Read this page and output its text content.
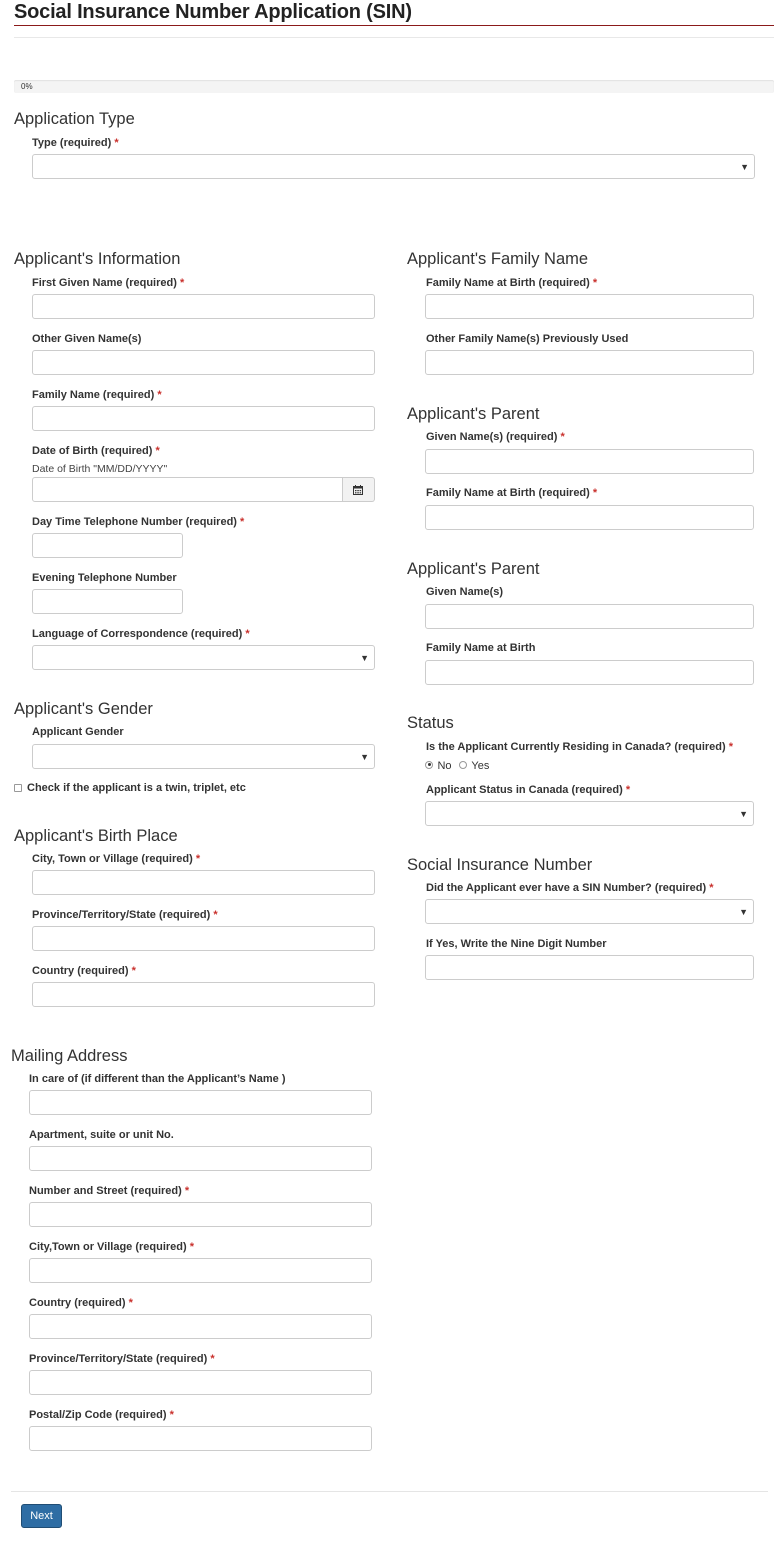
Social Insurance Number Application (SIN)
0%
Application Type
Type (required) *
▼
Applicant's Information
First Given Name (required) *
Other Given Name(s)
Family Name (required) *
Date of Birth (required) *
Date of Birth "MM/DD/YYYY"
Day Time Telephone Number (required) *
Evening Telephone Number
Language of Correspondence (required) *
▼
Applicant's Family Name
Family Name at Birth (required) *
Other Family Name(s) Previously Used
Applicant's Parent
Given Name(s) (required) *
Family Name at Birth (required) *
Applicant's Parent
Given Name(s)
Family Name at Birth
Applicant's Gender
Applicant Gender
▼
Check if the applicant is a twin, triplet, etc
Status
Is the Applicant Currently Residing in Canada? (required) *
No Yes
Applicant Status in Canada (required) *
▼
Applicant's Birth Place
City, Town or Village (required) *
Province/Territory/State (required) *
Country (required) *
Social Insurance Number
Did the Applicant ever have a SIN Number? (required) *
▼
If Yes, Write the Nine Digit Number
Mailing Address
In care of (if different than the Applicant’s Name )
Apartment, suite or unit No.
Number and Street (required) *
City,Town or Village (required) *
Country (required) *
Province/Territory/State (required) *
Postal/Zip Code (required) *
Next
